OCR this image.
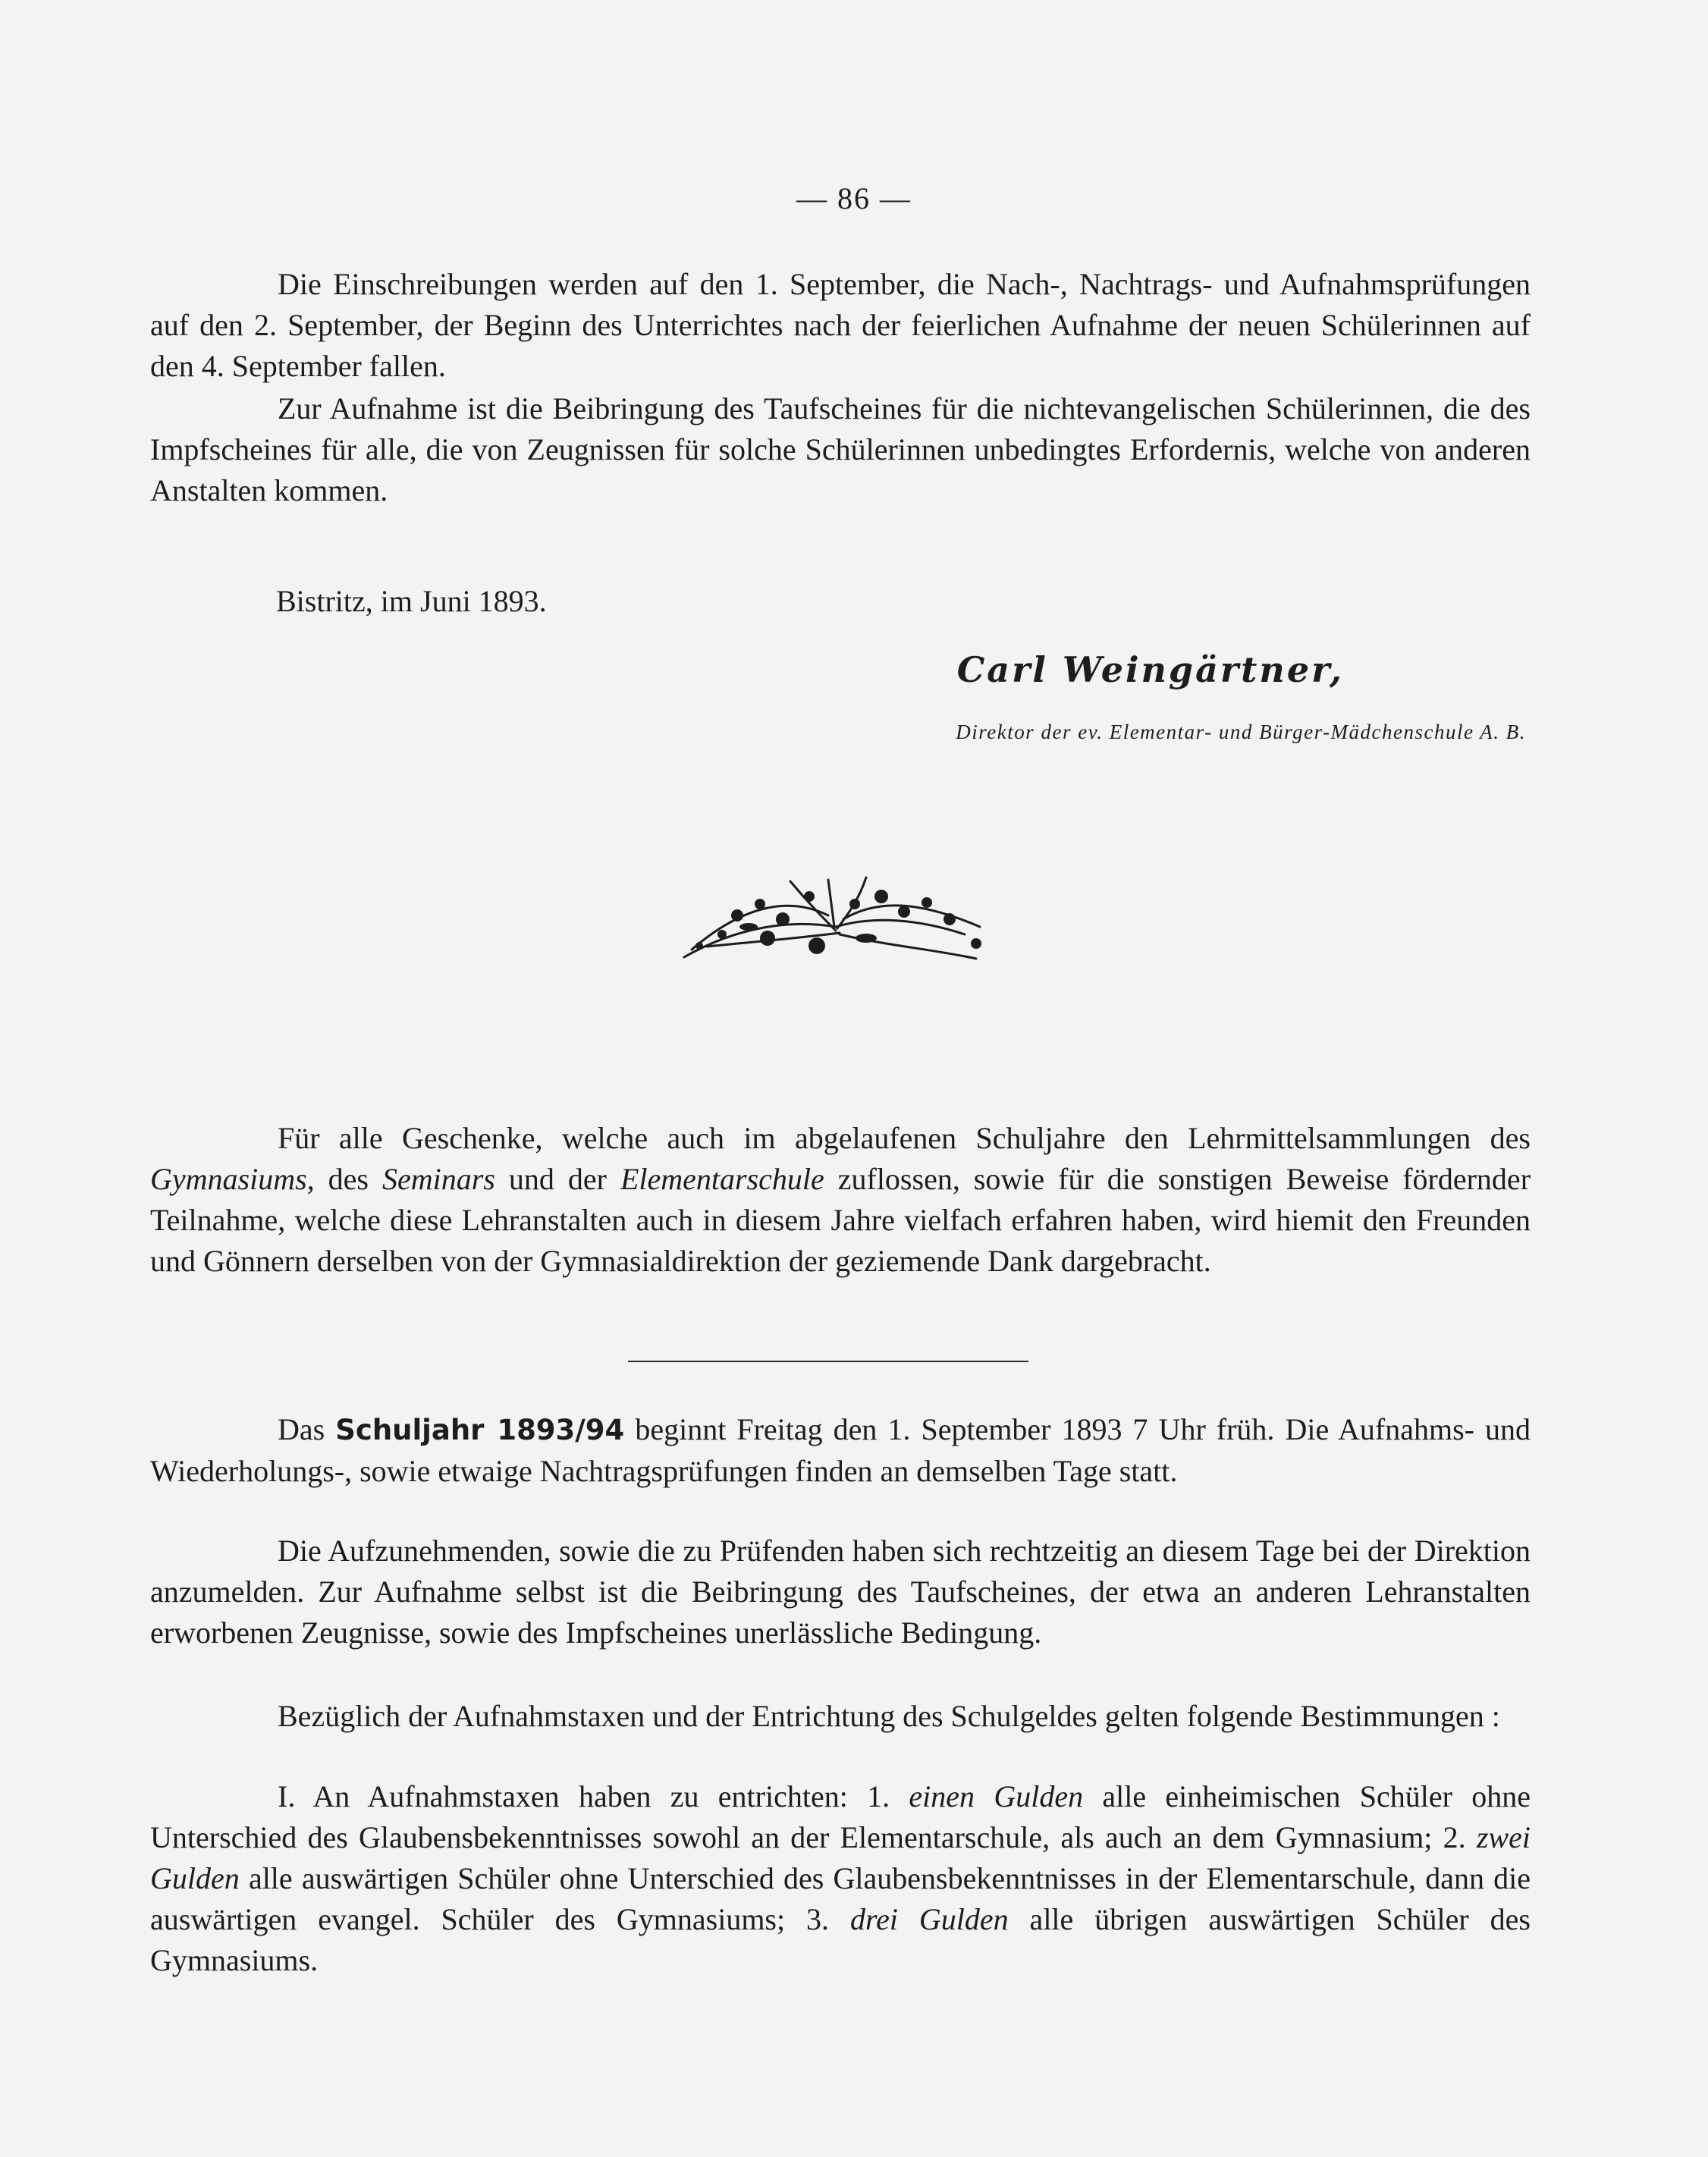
— 86 —

Die Einschreibungen werden auf den 1. September, die Nach-, Nachtrags- und Aufnahmsprüfungen auf den 2. September, der Beginn des Unterrichtes nach der feierlichen Aufnahme der neuen Schülerinnen auf den 4. September fallen.

Zur Aufnahme ist die Beibringung des Taufscheines für die nichtevangelischen Schülerinnen, die des Impfscheines für alle, die von Zeugnissen für solche Schülerinnen unbedingtes Erfordernis, welche von anderen Anstalten kommen.

Bistritz, im Juni 1893.
Carl Weingärtner,
Direktor der ev. Elementar- und Bürger-Mädchenschule A. B.

Für alle Geschenke, welche auch im abgelaufenen Schuljahre den Lehrmittelsammlungen des Gymnasiums, des Seminars und der Elementarschule zuflossen, sowie für die sonstigen Beweise fördernder Teilnahme, welche diese Lehranstalten auch in diesem Jahre vielfach erfahren haben, wird hiemit den Freunden und Gönnern derselben von der Gymnasialdirektion der geziemende Dank dargebracht.

Das Schuljahr 1893/94 beginnt Freitag den 1. September 1893 7 Uhr früh. Die Aufnahms- und Wiederholungs-, sowie etwaige Nachtragsprüfungen finden an demselben Tage statt.

Die Aufzunehmenden, sowie die zu Prüfenden haben sich rechtzeitig an diesem Tage bei der Direktion anzumelden. Zur Aufnahme selbst ist die Beibringung des Taufscheines, der etwa an anderen Lehranstalten erworbenen Zeugnisse, sowie des Impfscheines unerlässliche Bedingung.

Bezüglich der Aufnahmstaxen und der Entrichtung des Schulgeldes gelten folgende Bestimmungen :

I. An Aufnahmstaxen haben zu entrichten: 1. einen Gulden alle einheimischen Schüler ohne Unterschied des Glaubensbekenntnisses sowohl an der Elementarschule, als auch an dem Gymnasium; 2. zwei Gulden alle auswärtigen Schüler ohne Unterschied des Glaubensbekenntnisses in der Elementarschule, dann die auswärtigen evangel. Schüler des Gymnasiums; 3. drei Gulden alle übrigen auswärtigen Schüler des Gymnasiums.
